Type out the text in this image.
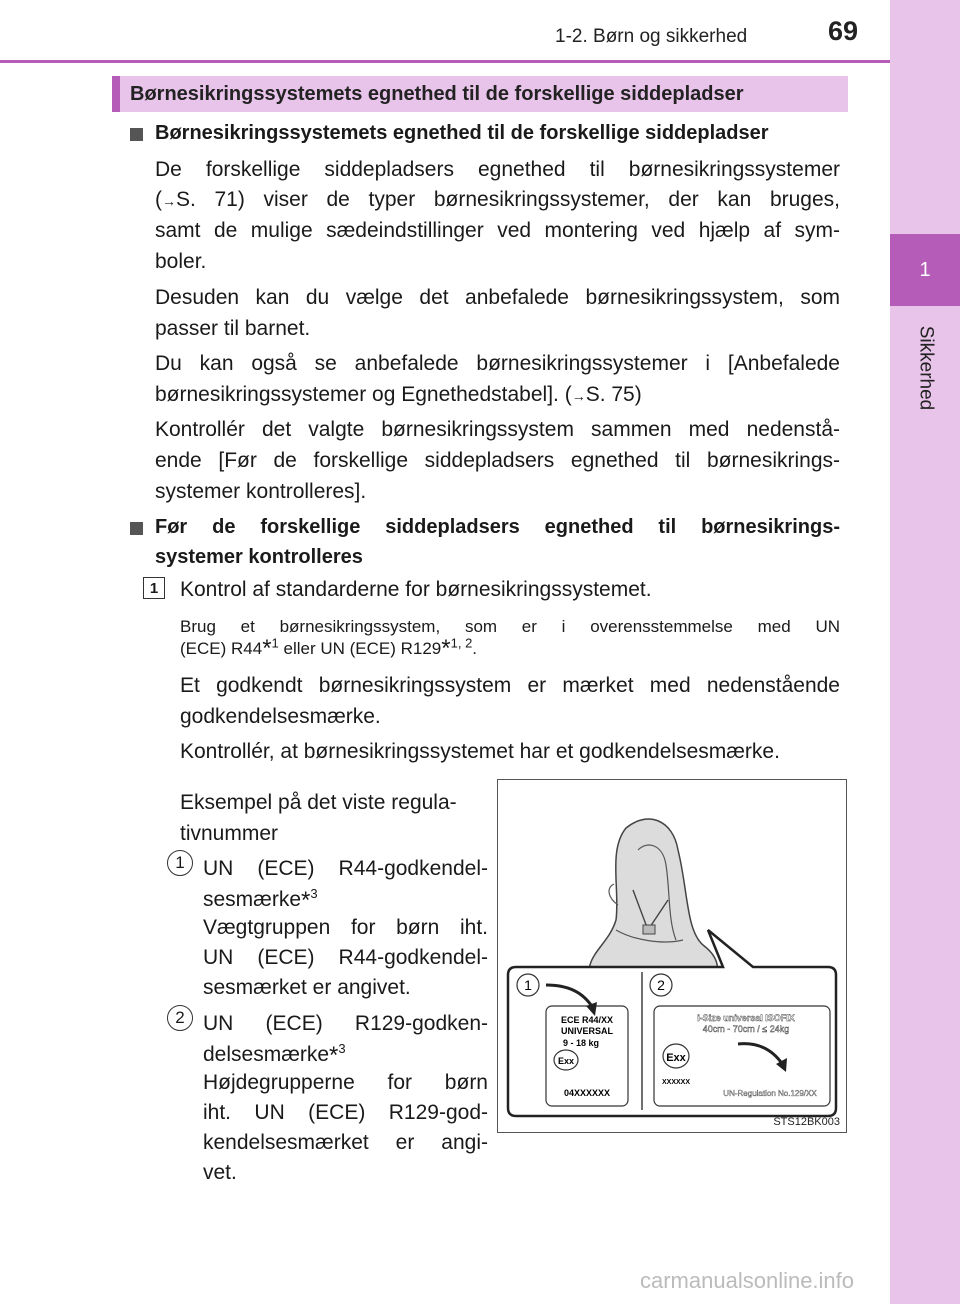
1
Sikkerhed
1-2. Børn og sikkerhed	69
Børnesikringssystemets egnethed til de forskellige siddepladser
Børnesikringssystemets egnethed til de forskellige siddepladser
De forskellige siddepladsers egnethed til børnesikringssystemer
(→S. 71) viser de typer børnesikringssystemer, der kan bruges,
samt de mulige sædeindstillinger ved montering ved hjælp af sym-
boler.
Desuden kan du vælge det anbefalede børnesikringssystem, som
passer til barnet.
Du kan også se anbefalede børnesikringssystemer i [Anbefalede
børnesikringssystemer og Egnethedstabel]. (→S. 75)
Kontrollér det valgte børnesikringssystem sammen med nedenstå-
ende [Før de forskellige siddepladsers egnethed til børnesikrings-
systemer kontrolleres].
Før de forskellige siddepladsers egnethed til børnesikrings-
systemer kontrolleres
1	Kontrol af standarderne for børnesikringssystemet.
Brug et børnesikringssystem, som er i overensstemmelse med UN
(ECE) R44*$^1$ eller UN (ECE) R129*$^{1, 2}$.
Et godkendt børnesikringssystem er mærket med nedenstående
godkendelsesmærke.
Kontrollér, at børnesikringssystemet har et godkendelsesmærke.
Eksempel på det viste regula-
tivnummer
1 UN (ECE) R44-godkendel-
sesmærke*$^3$
Vægtgruppen for børn iht.
UN (ECE) R44-godkendel-
sesmærket er angivet.
2 UN (ECE) R129-godken-
delsesmærke*$^3$
Højdegrupperne for børn
iht. UN (ECE) R129-god-
kendelsesmærket er angi-
vet.
1	2
ECE R44/XX
UNIVERSAL
9 - 18 kg
Exx
04XXXXXX
i-Size universal ISOFIX
40cm - 70cm / ≤ 24kg
Exx
XXXXXX
UN-Regulation No.129/XX
STS12BK003
carmanualsonline.info
